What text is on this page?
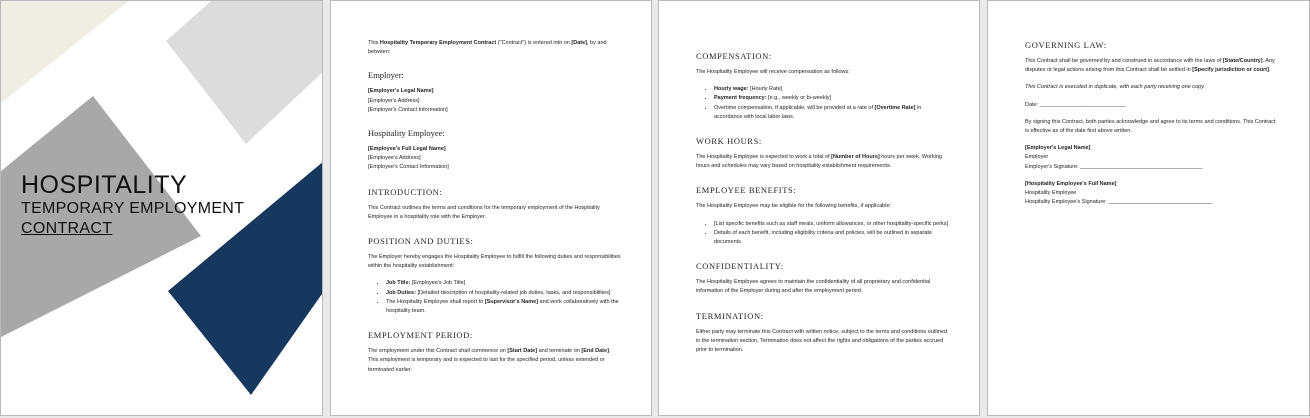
HOSPITALITY
TEMPORARY EMPLOYMENT
CONTRACT

This Hospitality Temporary Employment Contract ("Contract") is entered into on [Date], by and between:

Employer:
[Employer's Legal Name]
[Employer's Address]
[Employer's Contact Information]
Hospitality Employee:
[Employee's Full Legal Name]
[Employee's Address]
[Employee's Contact Information]
INTRODUCTION:

This Contract outlines the terms and conditions for the temporary employment of the Hospitality Employee in a hospitality role with the Employer.

POSITION AND DUTIES:

The Employer hereby engages the Hospitality Employee to fulfill the following duties and responsibilities within the hospitality establishment:

• Job Title: [Employee's Job Title]
• Job Duties: [Detailed description of hospitality-related job duties, tasks, and responsibilities]
• The Hospitality Employee shall report to [Supervisor's Name] and work collaboratively with the hospitality team.
EMPLOYMENT PERIOD:

The employment under this Contract shall commence on [Start Date] and terminate on [End Date]. This employment is temporary and is expected to last for the specified period, unless extended or terminated earlier.

COMPENSATION:

The Hospitality Employee will receive compensation as follows:

• Hourly wage: [Hourly Rate]
• Payment frequency: [e.g., weekly or bi-weekly]
• Overtime compensation, if applicable, will be provided at a rate of [Overtime Rate] in accordance with local labor laws.
WORK HOURS:

The Hospitality Employee is expected to work a total of [Number of Hours] hours per week. Working hours and schedules may vary based on hospitality establishment requirements.

EMPLOYEE BENEFITS:

The Hospitality Employee may be eligible for the following benefits, if applicable:

• [List specific benefits such as staff meals, uniform allowances, or other hospitality-specific perks]
• Details of each benefit, including eligibility criteria and policies, will be outlined in separate documents.
CONFIDENTIALITY:

The Hospitality Employee agrees to maintain the confidentiality of all proprietary and confidential information of the Employer during and after the employment period.

TERMINATION:

Either party may terminate this Contract with written notice, subject to the terms and conditions outlined in the termination section. Termination does not affect the rights and obligations of the parties accrued prior to termination.

GOVERNING LAW:

This Contract shall be governed by and construed in accordance with the laws of [State/Country]. Any disputes or legal actions arising from this Contract shall be settled in [Specify jurisdiction or court].

This Contract is executed in duplicate, with each party receiving one copy.

Date: ____________________________

By signing this Contract, both parties acknowledge and agree to its terms and conditions. This Contract is effective as of the date first above written.

[Employer's Legal Name]
Employer
Employer's Signature: ________________________________________
[Hospitality Employee's Full Name]
Hospitality Employee
Hospitality Employee's Signature: __________________________________
